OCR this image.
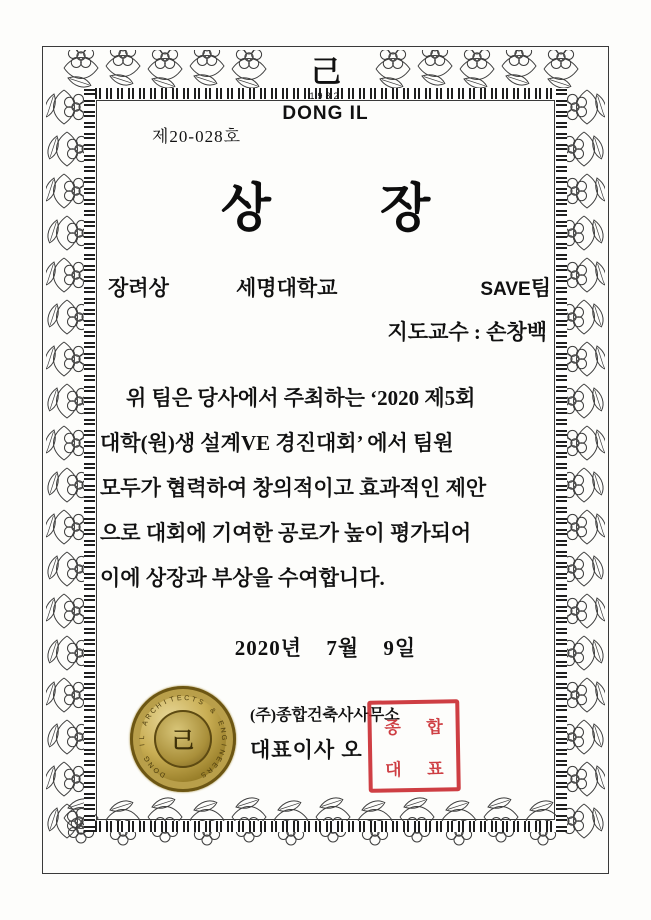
己
1982
DONG IL
제20-028호
상 장
장려상	세명대학교	SAVE팀
지도교수 : 손창백
위 팀은 당사에서 주최하는 ‘2020 제5회
대학(원)생 설계VE 경진대회’ 에서 팀원
모두가 협력하여 창의적이고 효과적인 제안
으로 대회에 기여한 공로가 높이 평가되어
이에 상장과 부상을 수여합니다.
2020년 7월 9일
己
D
O
N
G
I
L
A
R
C
H I T E C T S
&
E
N
G
I
N
E
E
R
S
(주)종합건축사사무소
대표이사 오
종	합
대	표
